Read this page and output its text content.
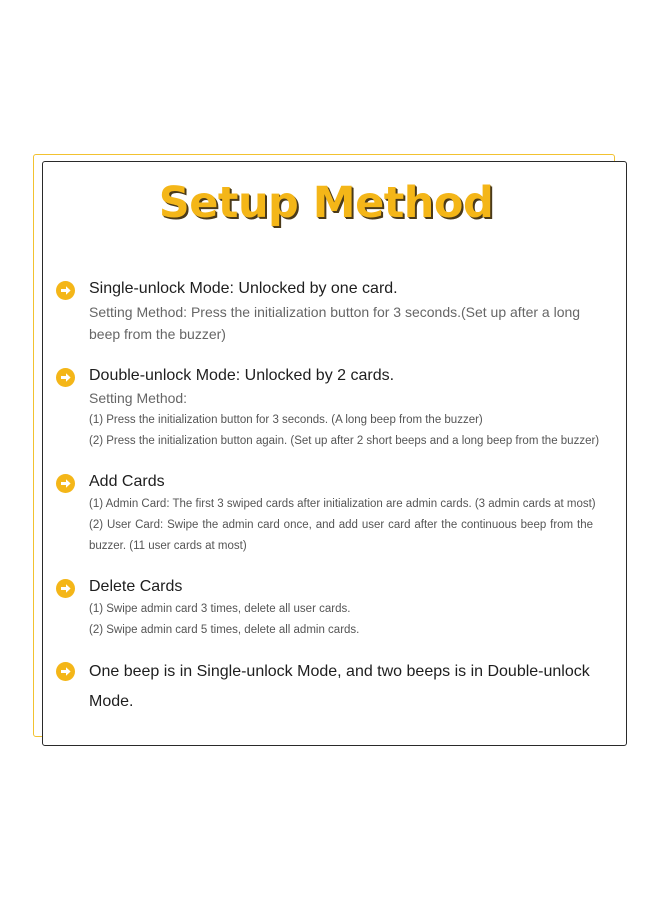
Setup Method
Single-unlock Mode: Unlocked by one card.
Setting Method: Press the initialization button for 3 seconds.(Set up after a long beep from the buzzer)
Double-unlock Mode: Unlocked by 2 cards.
Setting Method:
(1) Press the initialization button for 3 seconds. (A long beep from the buzzer)
(2) Press the initialization button again. (Set up after 2 short beeps and a long beep from the buzzer)
Add Cards
(1) Admin Card: The first 3 swiped cards after initialization are admin cards. (3 admin cards at most)
(2) User Card: Swipe the admin card once, and add user card after the continuous beep from the buzzer. (11 user cards at most)
Delete Cards
(1) Swipe admin card 3 times, delete all user cards.
(2) Swipe admin card 5 times, delete all admin cards.
One beep is in Single-unlock Mode, and two beeps is in Double-unlock Mode.
